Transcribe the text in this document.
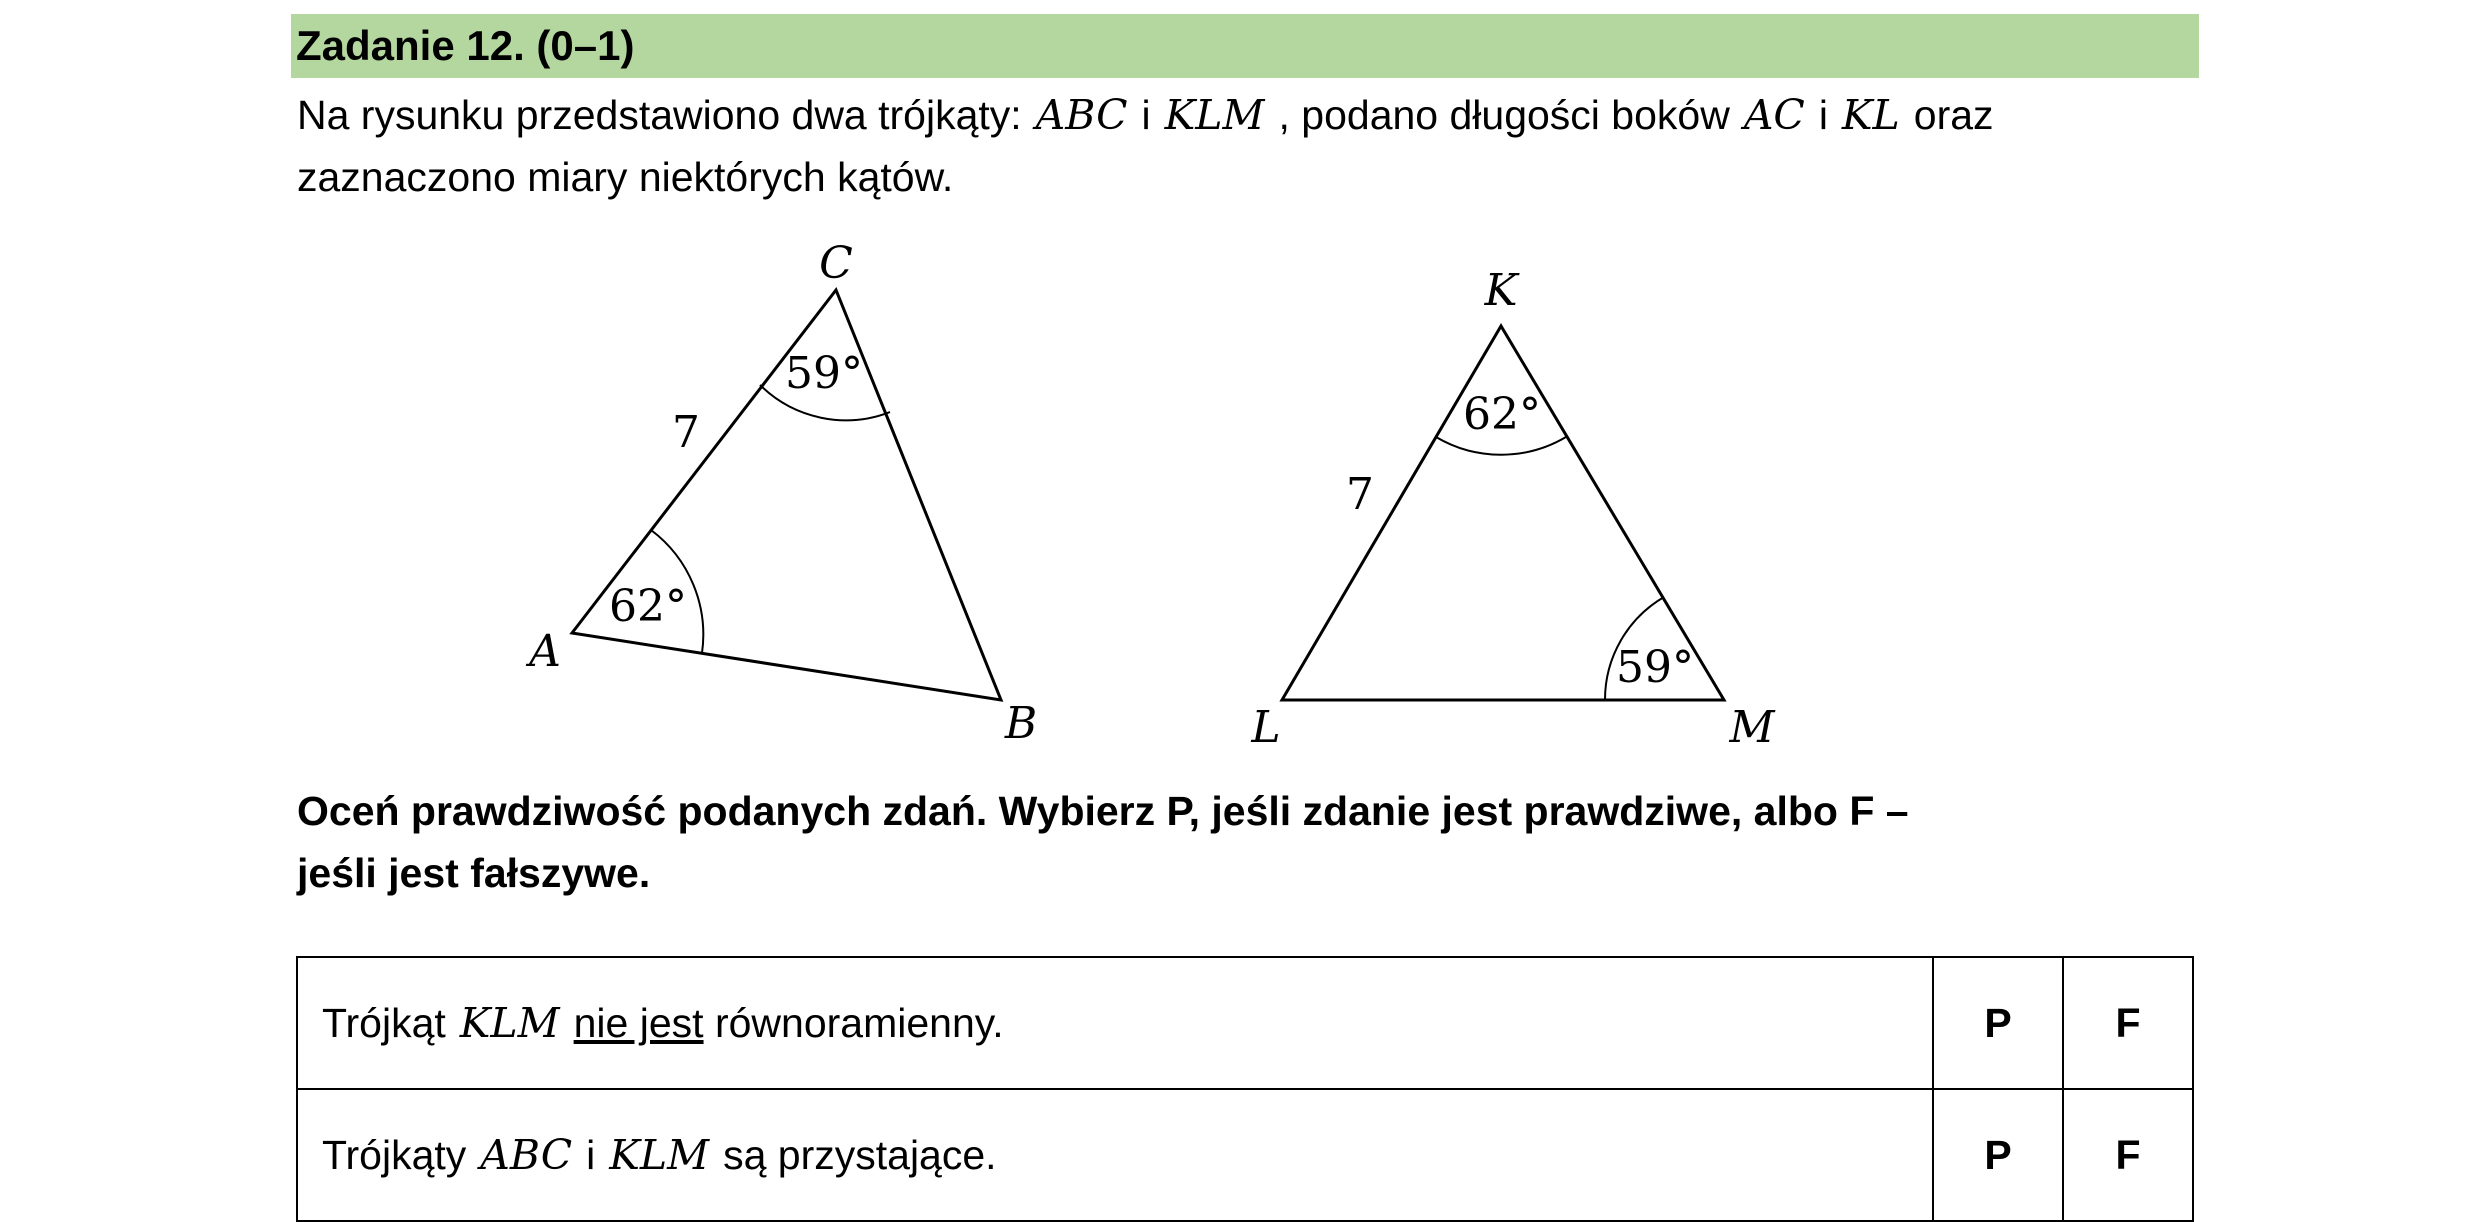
Zadanie 12. (0–1)
Na rysunku przedstawiono dwa trójkąty: ABC i KLM , podano długości boków AC i KL oraz
zaznaczono miary niektórych kątów.
C
A
B
7
62°
59°
K
L	M
7
62°
59°
Oceń prawdziwość podanych zdań. Wybierz P, jeśli zdanie jest prawdziwe, albo F –
jeśli jest fałszywe.
Trójkąt KLM nie jest równoramienny.	P	F
Trójkąty ABC i KLM są przystające.	P	F
